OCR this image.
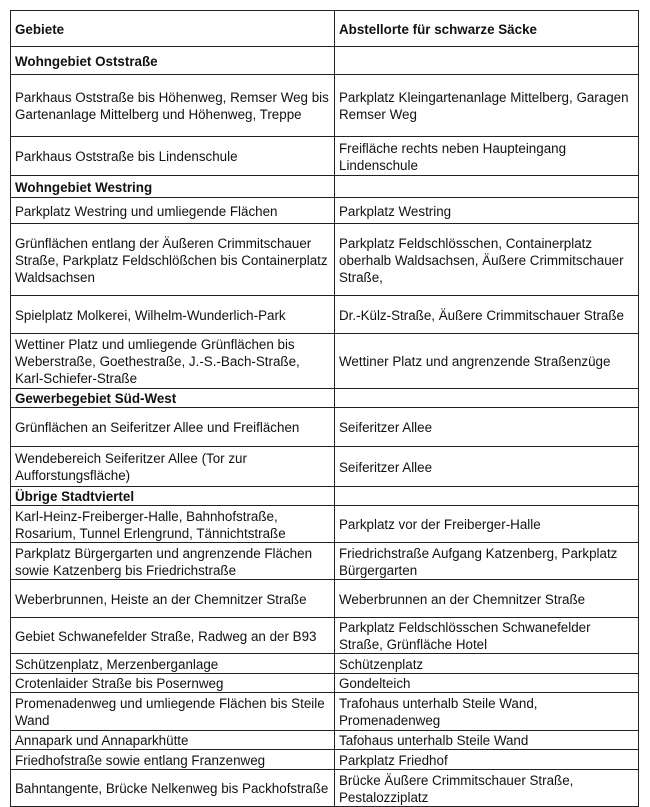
Gebiete	Abstellorte für schwarze Säcke
Wohngebiet Oststraße	
Parkhaus Oststraße bis Höhenweg, Remser Weg bis Gartenanlage Mittelberg und Höhenweg, Treppe	Parkplatz Kleingartenanlage Mittelberg, Garagen Remser Weg
Parkhaus Oststraße bis Lindenschule	Freifläche rechts neben Haupteingang Lindenschule
Wohngebiet Westring	
Parkplatz Westring und umliegende Flächen	Parkplatz Westring
Grünflächen entlang der Äußeren Crimmitschauer Straße, Parkplatz Feldschlößchen bis Containerplatz Waldsachsen	Parkplatz Feldschlösschen, Containerplatz oberhalb Waldsachsen, Äußere Crimmitschauer Straße,
Spielplatz Molkerei, Wilhelm-Wunderlich-Park	Dr.-Külz-Straße, Äußere Crimmitschauer Straße
Wettiner Platz und umliegende Grünflächen bis Weberstraße, Goethestraße, J.-S.-Bach-Straße, Karl-Schiefer-Straße	Wettiner Platz und angrenzende Straßenzüge
Gewerbegebiet Süd-West	
Grünflächen an Seiferitzer Allee und Freiflächen	Seiferitzer Allee
Wendebereich Seiferitzer Allee (Tor zur Aufforstungsfläche)	Seiferitzer Allee
Übrige Stadtviertel	
Karl-Heinz-Freiberger-Halle, Bahnhofstraße, Rosarium, Tunnel Erlengrund, Tännichtstraße	Parkplatz vor der Freiberger-Halle
Parkplatz Bürgergarten und angrenzende Flächen sowie Katzenberg bis Friedrichstraße	Friedrichstraße Aufgang Katzenberg, Parkplatz Bürgergarten
Weberbrunnen, Heiste an der Chemnitzer Straße	Weberbrunnen an der Chemnitzer Straße
Gebiet Schwanefelder Straße, Radweg an der B93	Parkplatz Feldschlösschen Schwanefelder Straße, Grünfläche Hotel
Schützenplatz, Merzenberganlage	Schützenplatz
Crotenlaider Straße bis Posernweg	Gondelteich
Promenadenweg und umliegende Flächen bis Steile Wand	Trafohaus unterhalb Steile Wand, Promenadenweg
Annapark und Annaparkhütte	Tafohaus unterhalb Steile Wand
Friedhofstraße sowie entlang Franzenweg	Parkplatz Friedhof
Bahntangente, Brücke Nelkenweg bis Packhofstraße	Brücke Äußere Crimmitschauer Straße, Pestalozziplatz
